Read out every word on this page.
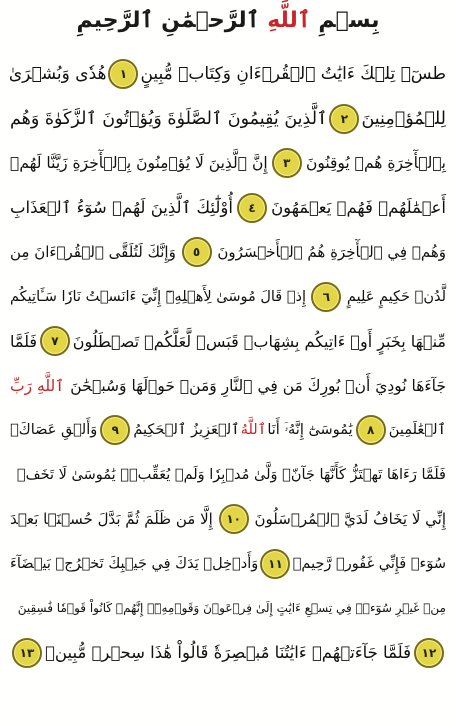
بِسۡمِ

ٱللَّهِ

ٱلرَّحۡمَٰنِ ٱلرَّحِيمِ
طسٓۚ تِلۡكَ ءَايَٰتُ ٱلۡقُرۡءَانِ وَكِتَابٖ مُّبِينٍ
١
هُدٗى وَبُشۡرَىٰ
لِلۡمُؤۡمِنِينَ
٢
ٱلَّذِينَ يُقِيمُونَ ٱلصَّلَوٰةَ وَيُؤۡتُونَ ٱلزَّكَوٰةَ وَهُم
بِٱلۡأٓخِرَةِ هُمۡ يُوقِنُونَ
٣
إِنَّ ٱلَّذِينَ لَا يُؤۡمِنُونَ بِٱلۡأٓخِرَةِ زَيَّنَّا لَهُمۡ
أَعۡمَٰلَهُمۡ فَهُمۡ يَعۡمَهُونَ
٤
أُوْلَٰٓئِكَ ٱلَّذِينَ لَهُمۡ سُوٓءُ ٱلۡعَذَابِ
وَهُمۡ فِي ٱلۡأٓخِرَةِ هُمُ ٱلۡأَخۡسَرُونَ
٥
وَإِنَّكَ لَتُلَقَّى ٱلۡقُرۡءَانَ مِن
لَّدُنۡ حَكِيمٍ عَلِيمٍ
٦
إِذۡ قَالَ مُوسَىٰ لِأَهۡلِهِۦٓ إِنِّيٓ ءَانَسۡتُ نَارٗا سَـَٔاتِيكُم
مِّنۡهَا بِخَبَرٍ أَوۡ ءَاتِيكُم بِشِهَابٖ قَبَسٖ لَّعَلَّكُمۡ تَصۡطَلُونَ
٧
فَلَمَّا
جَآءَهَا نُودِيَ أَنۢ بُورِكَ مَن فِي ٱلنَّارِ وَمَنۡ حَوۡلَهَا وَسُبۡحَٰنَ
ٱللَّهِ رَبِّ
ٱلۡعَٰلَمِينَ
٨
يَٰمُوسَىٰٓ إِنَّهُۥٓ أَنَا
ٱللَّهُ
ٱلۡعَزِيزُ ٱلۡحَكِيمُ
٩
وَأَلۡقِ عَصَاكَۚ
فَلَمَّا رَءَاهَا تَهۡتَزُّ كَأَنَّهَا جَآنّٞ وَلَّىٰ مُدۡبِرٗا وَلَمۡ يُعَقِّبۡۚ يَٰمُوسَىٰ لَا تَخَفۡ
إِنِّي لَا يَخَافُ لَدَيَّ ٱلۡمُرۡسَلُونَ
١٠
إِلَّا مَن ظَلَمَ ثُمَّ بَدَّلَ حُسۡنَۢا بَعۡدَ
سُوٓءٖ فَإِنِّي غَفُورٞ رَّحِيمٞ
١١
وَأَدۡخِلۡ يَدَكَ فِي جَيۡبِكَ تَخۡرُجۡ بَيۡضَآءَ
مِنۡ غَيۡرِ سُوٓءٖۖ فِي تِسۡعِ ءَايَٰتٍ إِلَىٰ فِرۡعَوۡنَ وَقَوۡمِهِۦٓۚ إِنَّهُمۡ كَانُواْ قَوۡمٗا فَٰسِقِينَ
١٢
فَلَمَّا جَآءَتۡهُمۡ ءَايَٰتُنَا مُبۡصِرَةٗ قَالُواْ هَٰذَا سِحۡرٞ مُّبِينٞ
١٣
